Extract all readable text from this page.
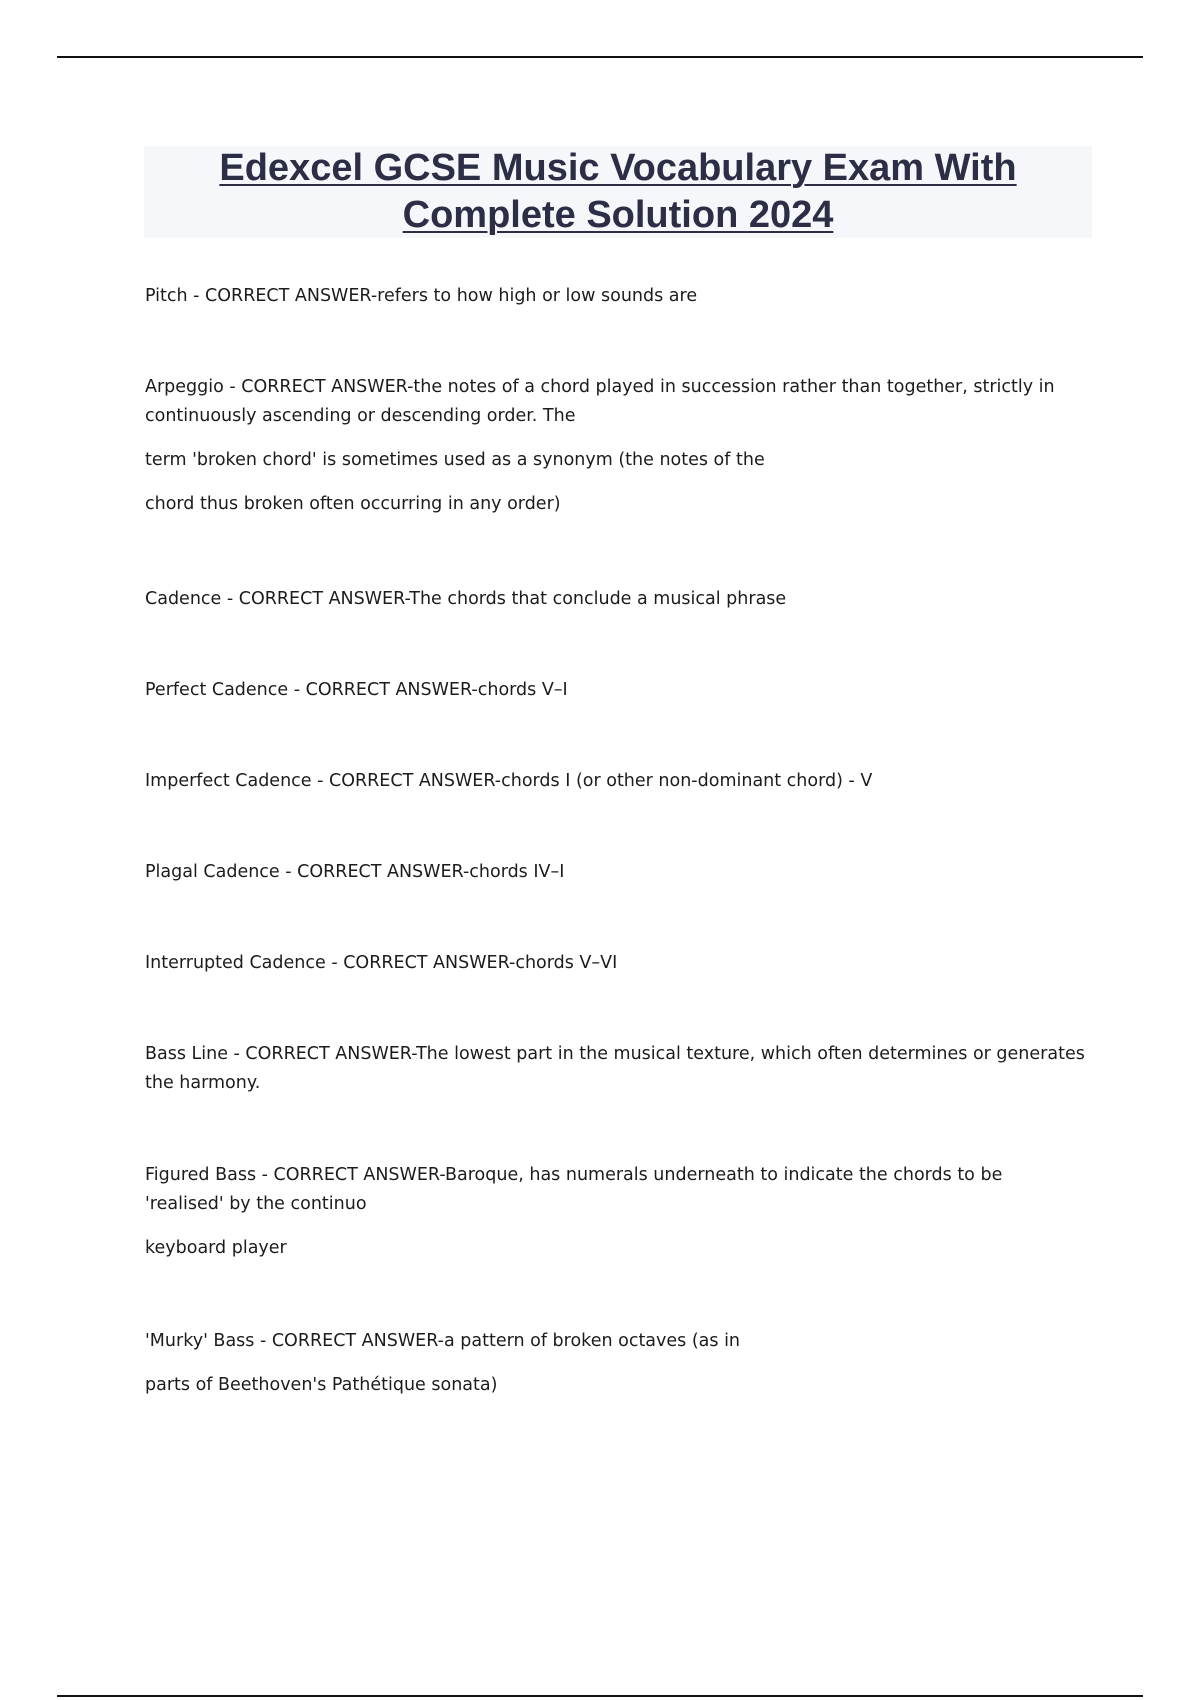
Edexcel GCSE Music Vocabulary Exam With
Complete Solution 2024

Pitch - CORRECT ANSWER-refers to how high or low sounds are

Arpeggio - CORRECT ANSWER-the notes of a chord played in succession rather than together, strictly in continuously ascending or descending order. The

term 'broken chord' is sometimes used as a synonym (the notes of the

chord thus broken often occurring in any order)

Cadence - CORRECT ANSWER-The chords that conclude a musical phrase

Perfect Cadence - CORRECT ANSWER-chords V–I

Imperfect Cadence - CORRECT ANSWER-chords I (or other non-dominant chord) - V

Plagal Cadence - CORRECT ANSWER-chords IV–I

Interrupted Cadence - CORRECT ANSWER-chords V–VI

Bass Line - CORRECT ANSWER-The lowest part in the musical texture, which often determines or generates the harmony.

Figured Bass - CORRECT ANSWER-Baroque, has numerals underneath to indicate the chords to be 'realised' by the continuo

keyboard player

'Murky' Bass - CORRECT ANSWER-a pattern of broken octaves (as in

parts of Beethoven's Pathétique sonata)
